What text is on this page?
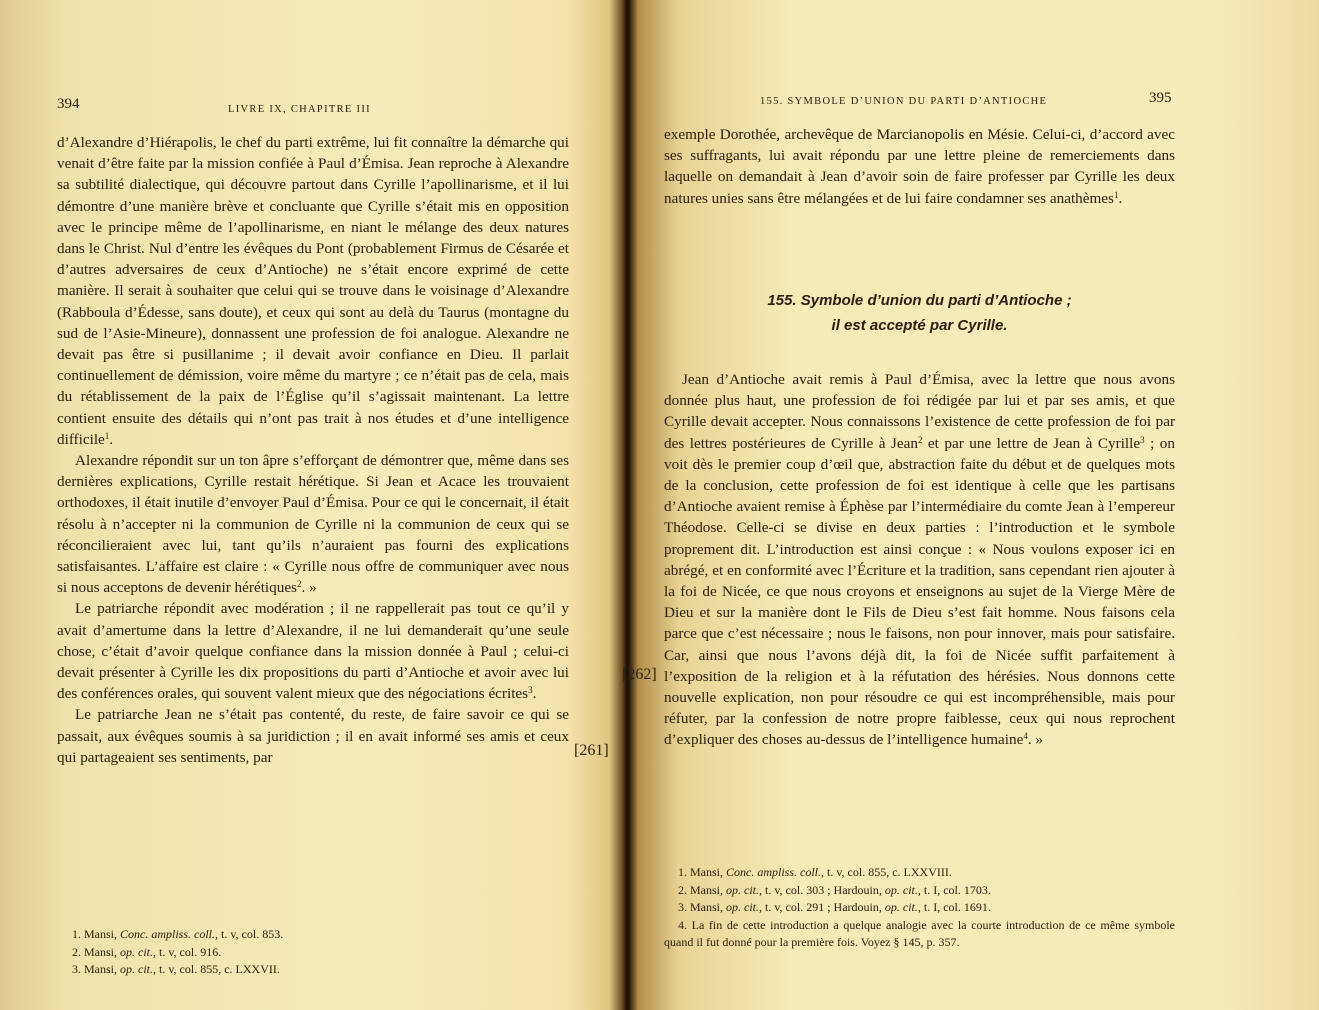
394	LIVRE IX, CHAPITRE III

d’Alexandre d’Hiérapolis, le chef du parti extrême, lui fit connaître la démarche qui venait d’être faite par la mission confiée à Paul d’Émisa. Jean reproche à Alexandre sa subtilité dialectique, qui découvre partout dans Cyrille l’apollinarisme, et il lui démontre d’une manière brève et concluante que Cyrille s’était mis en opposition avec le principe même de l’apollinarisme, en niant le mélange des deux natures dans le Christ. Nul d’entre les évêques du Pont (probablement Firmus de Césarée et d’autres adversaires de ceux d’Antioche) ne s’était encore exprimé de cette manière. Il serait à souhaiter que celui qui se trouve dans le voisinage d’Alexandre (Rabboula d’Édesse, sans doute), et ceux qui sont au delà du Taurus (montagne du sud de l’Asie-Mineure), donnassent une profession de foi analogue. Alexandre ne devait pas être si pusillanime ; il devait avoir confiance en Dieu. Il parlait continuellement de démission, voire même du martyre ; ce n’était pas de cela, mais du rétablissement de la paix de l’Église qu’il s’agissait maintenant. La lettre contient ensuite des détails qui n’ont pas trait à nos études et d’une intelligence difficile$^1$.

Alexandre répondit sur un ton âpre s’efforçant de démontrer que, même dans ses dernières explications, Cyrille restait hérétique. Si Jean et Acace les trouvaient orthodoxes, il était inutile d’envoyer Paul d’Émisa. Pour ce qui le concernait, il était résolu à n’accepter ni la communion de Cyrille ni la communion de ceux qui se réconcilieraient avec lui, tant qu’ils n’auraient pas fourni des explications satisfaisantes. L’affaire est claire : « Cyrille nous offre de communiquer avec nous si nous acceptons de devenir hérétiques$^2$. »

Le patriarche répondit avec modération ; il ne rappellerait pas tout ce qu’il y avait d’amertume dans la lettre d’Alexandre, il ne lui demanderait qu’une seule chose, c’était d’avoir quelque confiance dans la mission donnée à Paul ; celui-ci devait présenter à Cyrille les dix propositions du parti d’Antioche et avoir avec lui des conférences orales, qui souvent valent mieux que des négociations écrites$^3$.

Le patriarche Jean ne s’était pas contenté, du reste, de faire savoir ce qui se passait, aux évêques soumis à sa juridiction ; il en avait informé ses amis et ceux qui partageaient ses sentiments, par	[261]
1. Mansi, Conc. ampliss. coll., t. v, col. 853.
2. Mansi, op. cit., t. v, col. 916.
3. Mansi, op. cit., t. v, col. 855, c. LXXVII.
155. SYMBOLE D’UNION DU PARTI D’ANTIOCHE	395

exemple Dorothée, archevêque de Marcianopolis en Mésie. Celui-ci, d’accord avec ses suffragants, lui avait répondu par une lettre pleine de remerciements dans laquelle on demandait à Jean d’avoir soin de faire professer par Cyrille les deux natures unies sans être mélangées et de lui faire condamner ses anathèmes$^1$.

155. Symbole d’union du parti d’Antioche ;
il est accepté par Cyrille.

Jean d’Antioche avait remis à Paul d’Émisa, avec la lettre que nous avons donnée plus haut, une profession de foi rédigée par lui et par ses amis, et que Cyrille devait accepter. Nous connaissons l’existence de cette profession de foi par des lettres postérieures de Cyrille à Jean$^2$ et par une lettre de Jean à Cyrille$^3$ ; on voit dès le premier coup d’œil que, abstraction faite du début et de quelques mots de la conclusion, cette profession de foi est identique à celle que les partisans d’Antioche avaient remise à Éphèse par l’intermédiaire du comte Jean à l’empereur Théodose. Celle-ci se divise en deux parties : l’introduction et le symbole proprement dit. L’introduction est ainsi conçue : « Nous voulons exposer ici en abrégé, et en conformité avec l’Écriture et la tradition, sans cependant rien ajouter à la foi de Nicée, ce que nous croyons et enseignons au sujet de la Vierge Mère de Dieu et sur la manière dont le Fils de Dieu s’est fait homme. Nous faisons cela parce que c’est nécessaire ; nous le faisons, non pour innover, mais pour satisfaire. Car, ainsi que nous l’avons déjà dit, la foi de Nicée suffit parfaitement à l’exposition de la religion et à la réfutation des hérésies. Nous donnons cette nouvelle explication, non pour résoudre ce qui est incompréhensible, mais pour réfuter, par la confession de notre propre faiblesse, ceux qui nous reprochent d’expliquer des choses au-dessus de l’intelligence humaine$^4$. »

[262]
1. Mansi, Conc. ampliss. coll., t. v, col. 855, c. LXXVIII.
2. Mansi, op. cit., t. v, col. 303 ; Hardouin, op. cit., t. I, col. 1703.
3. Mansi, op. cit., t. v, col. 291 ; Hardouin, op. cit., t. I, col. 1691.
4. La fin de cette introduction a quelque analogie avec la courte introduction de ce même symbole quand il fut donné pour la première fois. Voyez § 145, p. 357.
